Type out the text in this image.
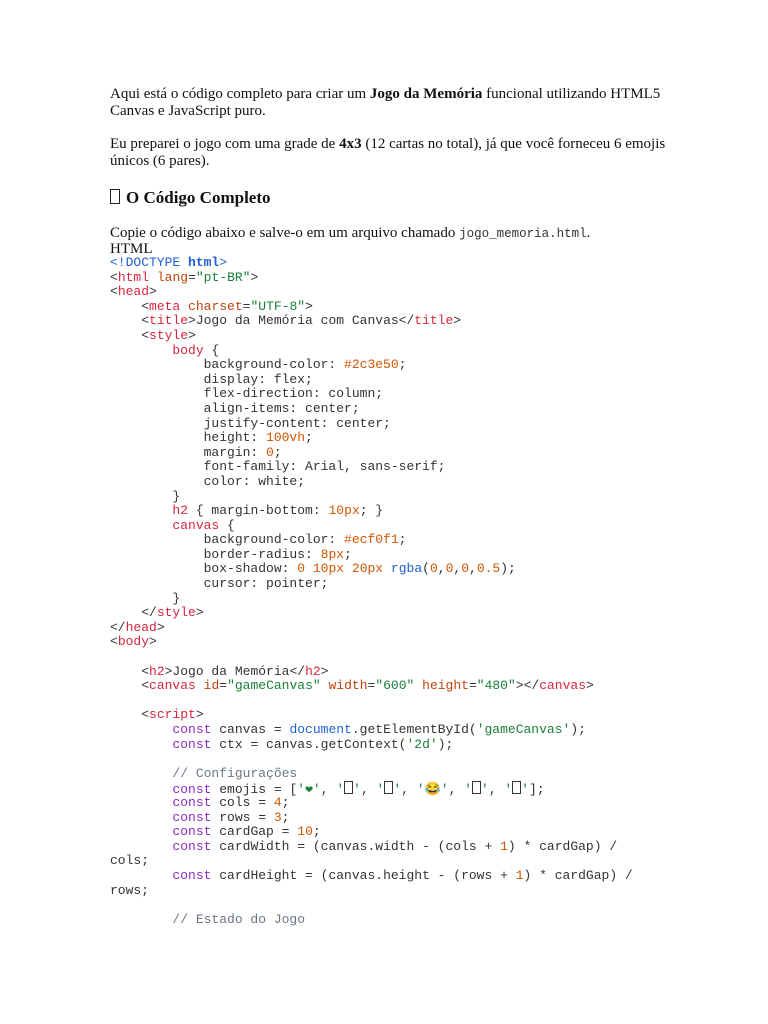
Aqui está o código completo para criar um Jogo da Memória funcional utilizando HTML5 Canvas e JavaScript puro.

Eu preparei o jogo com uma grade de 4x3 (12 cartas no total), já que você forneceu 6 emojis únicos (6 pares).

O Código Completo

Copie o código abaixo e salve-o em um arquivo chamado jogo_memoria.html.

HTML
<!DOCTYPE html>
<html lang="pt-BR">
<head>
<meta charset="UTF-8">
<title>Jogo da Memória com Canvas</title>
<style>
body {
background-color: #2c3e50;
display: flex;
flex-direction: column;
align-items: center;
justify-content: center;
height: 100vh;
margin: 0;
font-family: Arial, sans-serif;
color: white;
}
h2 { margin-bottom: 10px; }
canvas {
background-color: #ecf0f1;
border-radius: 8px;
box-shadow: 0 10px 20px rgba(0,0,0,0.5);
cursor: pointer;
}
</style>
</head>
<body>
<h2>Jogo da Memória</h2>
<canvas id="gameCanvas" width="600" height="480"></canvas>
<script>
const canvas = document.getElementById('gameCanvas');
const ctx = canvas.getContext('2d');
// Configurações
const emojis = ['❤', ' ', ' ', '😂', ' ', ' '];
const cols = 4;
const rows = 3;
const cardGap = 10;
const cardWidth = (canvas.width - (cols + 1) * cardGap) /
cols;
const cardHeight = (canvas.height - (rows + 1) * cardGap) /
rows;
// Estado do Jogo
